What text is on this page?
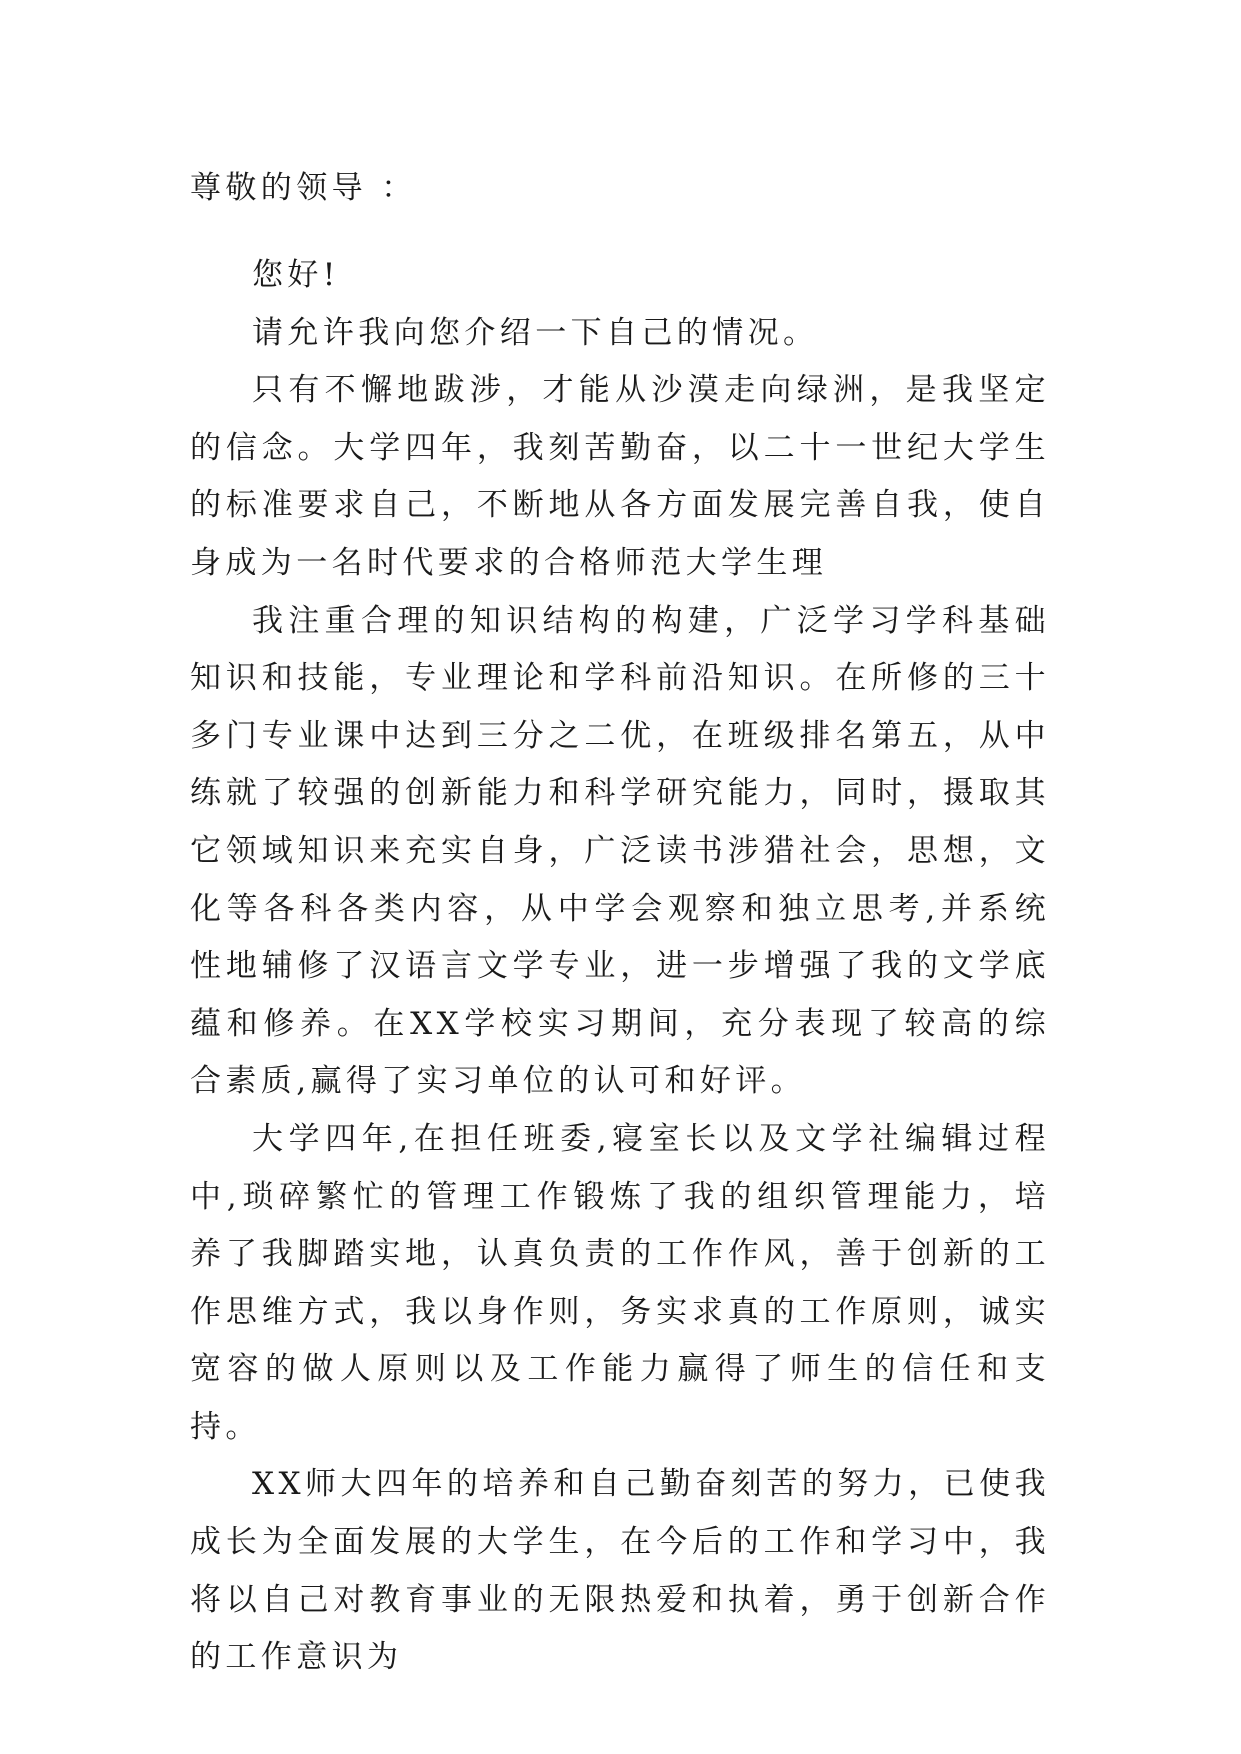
尊敬的领导 ：

您好!

请允许我向您介绍一下自己的情况。

只有不懈地跋涉，才能从沙漠走向绿洲，是我坚定的信念。大学四年，我刻苦勤奋，以二十一世纪大学生的标准要求自己，不断地从各方面发展完善自我，使自身成为一名时代要求的合格师范大学生理

我注重合理的知识结构的构建，广泛学习学科基础知识和技能，专业理论和学科前沿知识。在所修的三十多门专业课中达到三分之二优，在班级排名第五，从中练就了较强的创新能力和科学研究能力，同时，摄取其它领域知识来充实自身，广泛读书涉猎社会，思想，文化等各科各类内容，从中学会观察和独立思考,并系统性地辅修了汉语言文学专业，进一步增强了我的文学底蕴和修养。在XX学校实习期间，充分表现了较高的综合素质,赢得了实习单位的认可和好评。

大学四年,在担任班委,寝室长以及文学社编辑过程中,琐碎繁忙的管理工作锻炼了我的组织管理能力，培养了我脚踏实地，认真负责的工作作风，善于创新的工作思维方式，我以身作则，务实求真的工作原则，诚实宽容的做人原则以及工作能力赢得了师生的信任和支持。

XX师大四年的培养和自己勤奋刻苦的努力，已使我成长为全面发展的大学生，在今后的工作和学习中，我将以自己对教育事业的无限热爱和执着，勇于创新合作的工作意识为
